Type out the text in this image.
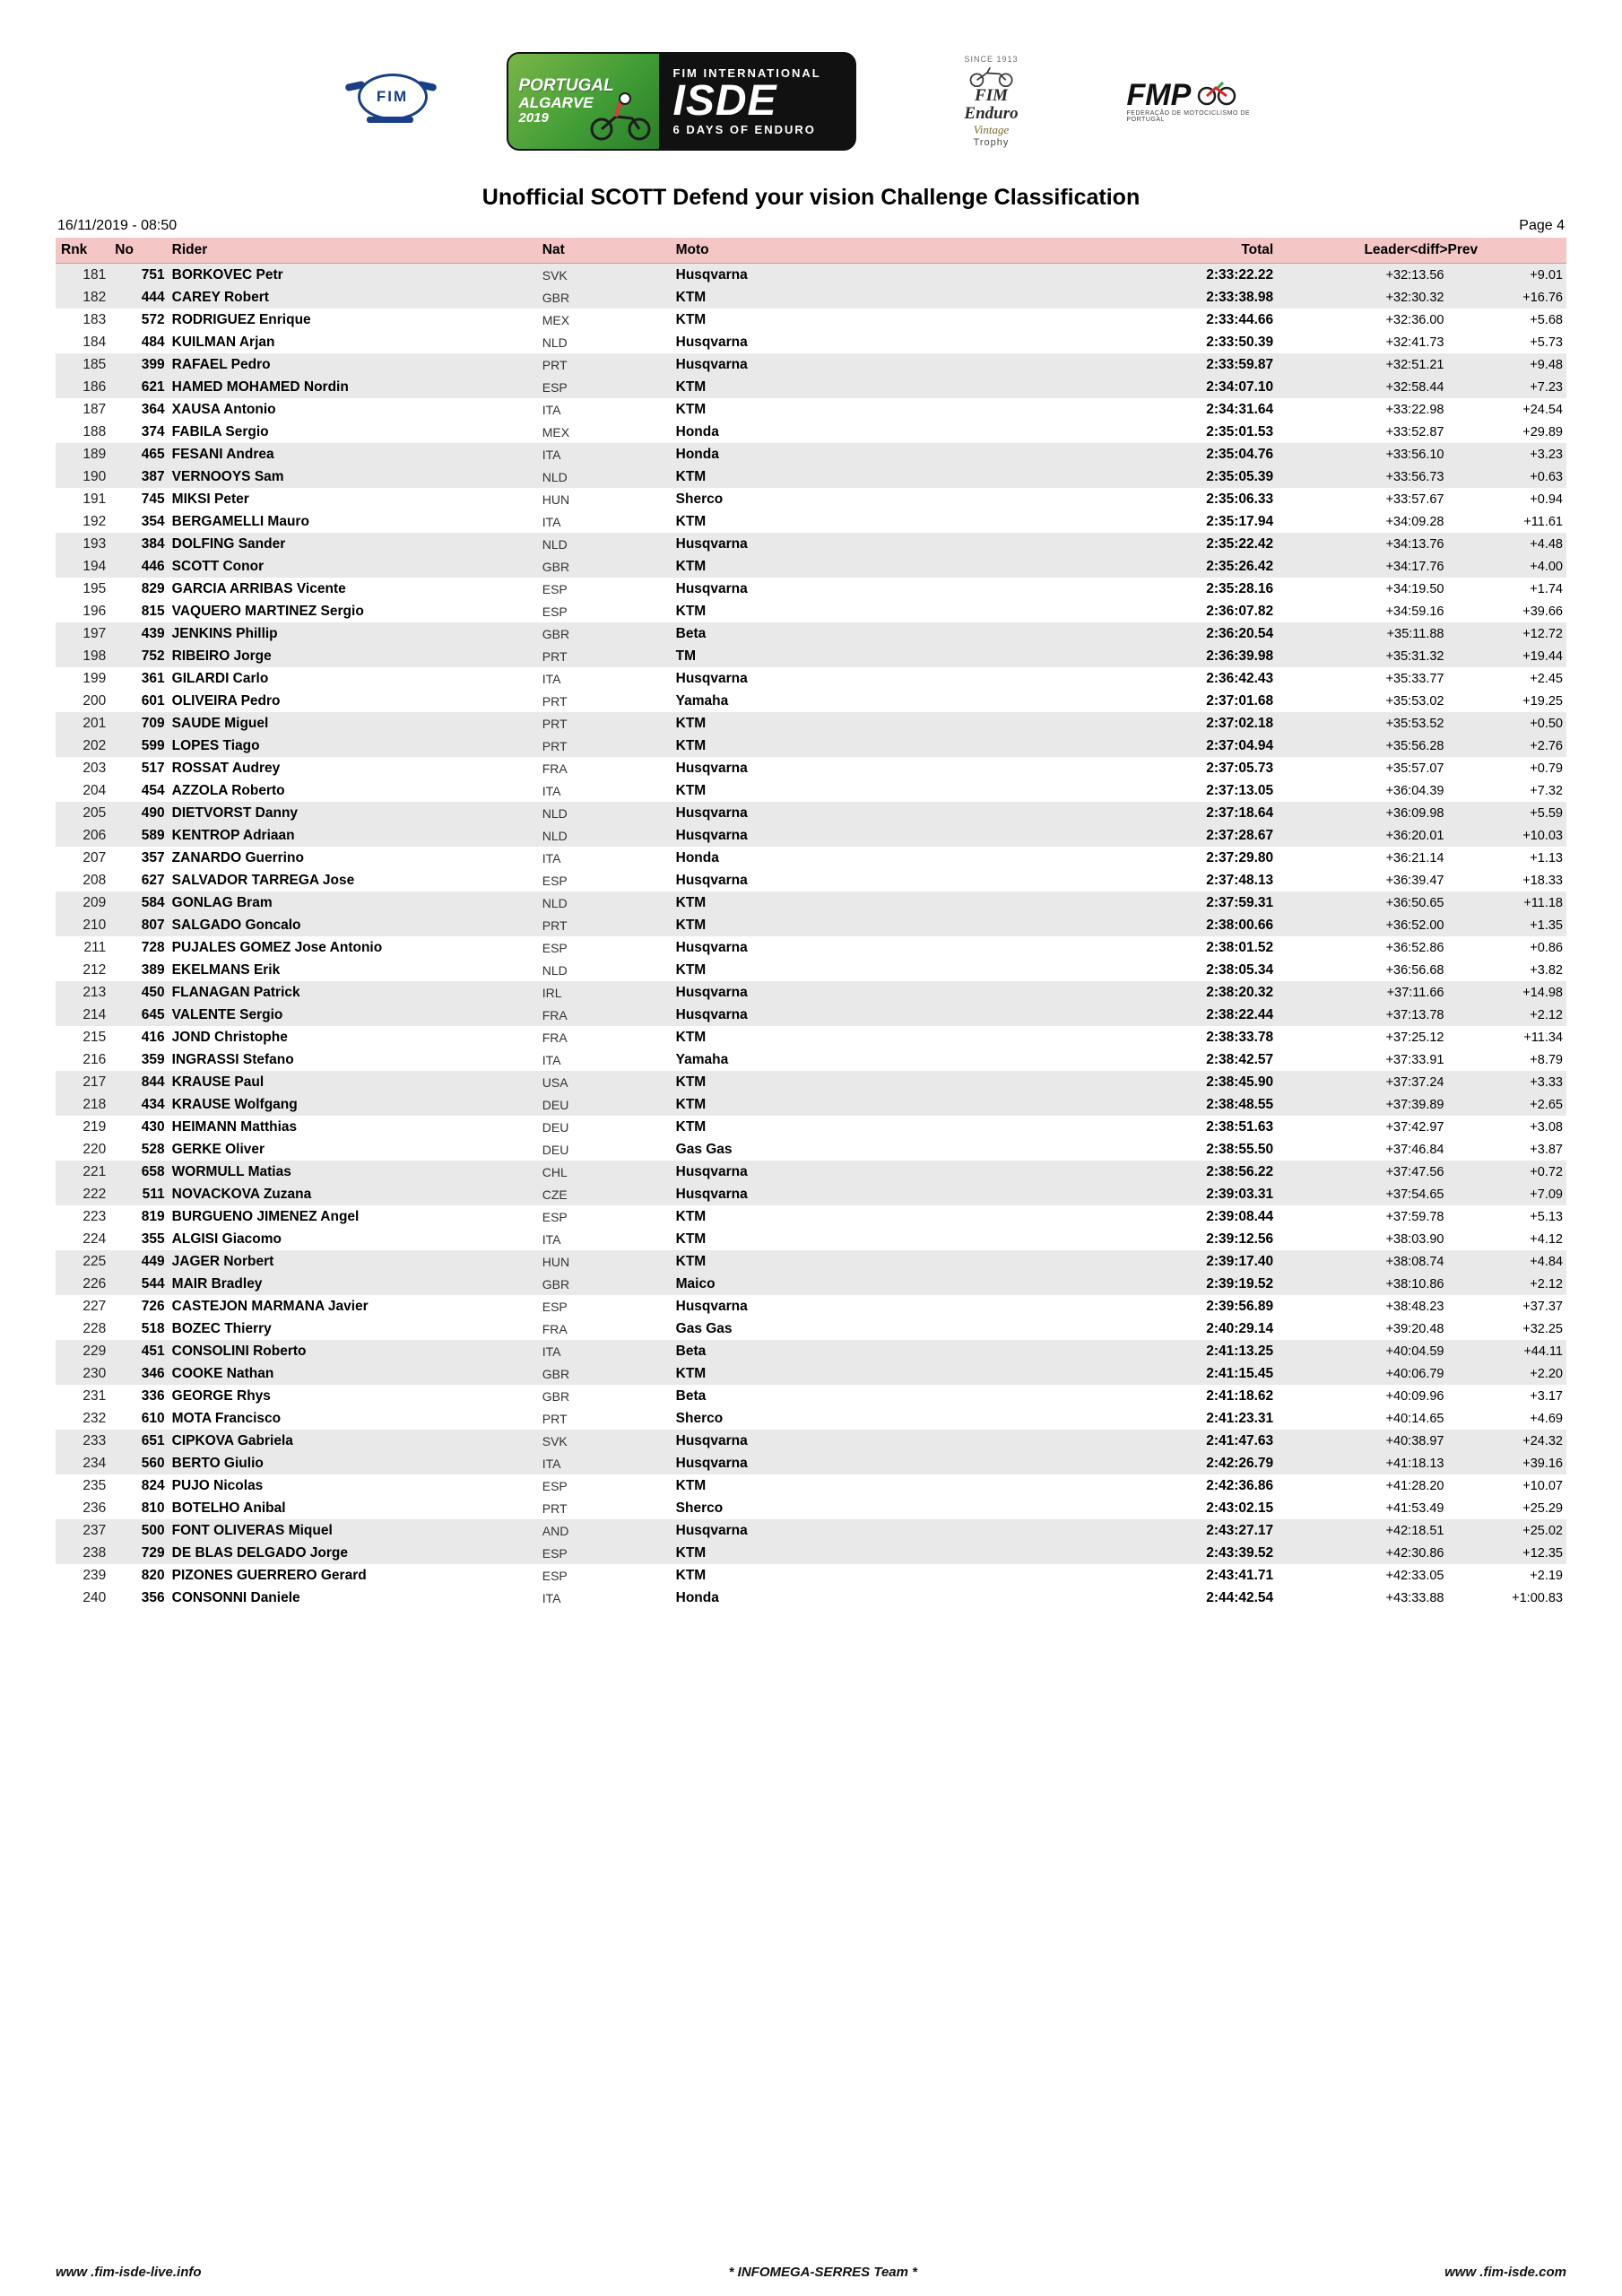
FIM
PORTUGAL
ALGARVE
2019
FIM INTERNATIONAL
ISDE
6 DAYS OF ENDURO
SINCE 1913
FIM
Enduro
Vintage
Trophy
FMP
FEDERAÇÃO DE MOTOCICLISMO DE PORTUGAL
Unofficial SCOTT Defend your vision Challenge Classification
16/11/2019 - 08:50	Page 4
Rnk	No	Rider	Nat	Moto	Total	Leader<diff>	Prev
181	751	BORKOVEC Petr	SVK	Husqvarna	2:33:22.22	+32:13.56	+9.01
182	444	CAREY Robert	GBR	KTM	2:33:38.98	+32:30.32	+16.76
183	572	RODRIGUEZ Enrique	MEX	KTM	2:33:44.66	+32:36.00	+5.68
184	484	KUILMAN Arjan	NLD	Husqvarna	2:33:50.39	+32:41.73	+5.73
185	399	RAFAEL Pedro	PRT	Husqvarna	2:33:59.87	+32:51.21	+9.48
186	621	HAMED MOHAMED Nordin	ESP	KTM	2:34:07.10	+32:58.44	+7.23
187	364	XAUSA Antonio	ITA	KTM	2:34:31.64	+33:22.98	+24.54
188	374	FABILA Sergio	MEX	Honda	2:35:01.53	+33:52.87	+29.89
189	465	FESANI Andrea	ITA	Honda	2:35:04.76	+33:56.10	+3.23
190	387	VERNOOYS Sam	NLD	KTM	2:35:05.39	+33:56.73	+0.63
191	745	MIKSI Peter	HUN	Sherco	2:35:06.33	+33:57.67	+0.94
192	354	BERGAMELLI Mauro	ITA	KTM	2:35:17.94	+34:09.28	+11.61
193	384	DOLFING Sander	NLD	Husqvarna	2:35:22.42	+34:13.76	+4.48
194	446	SCOTT Conor	GBR	KTM	2:35:26.42	+34:17.76	+4.00
195	829	GARCIA ARRIBAS Vicente	ESP	Husqvarna	2:35:28.16	+34:19.50	+1.74
196	815	VAQUERO MARTINEZ Sergio	ESP	KTM	2:36:07.82	+34:59.16	+39.66
197	439	JENKINS Phillip	GBR	Beta	2:36:20.54	+35:11.88	+12.72
198	752	RIBEIRO Jorge	PRT	TM	2:36:39.98	+35:31.32	+19.44
199	361	GILARDI Carlo	ITA	Husqvarna	2:36:42.43	+35:33.77	+2.45
200	601	OLIVEIRA Pedro	PRT	Yamaha	2:37:01.68	+35:53.02	+19.25
201	709	SAUDE Miguel	PRT	KTM	2:37:02.18	+35:53.52	+0.50
202	599	LOPES Tiago	PRT	KTM	2:37:04.94	+35:56.28	+2.76
203	517	ROSSAT Audrey	FRA	Husqvarna	2:37:05.73	+35:57.07	+0.79
204	454	AZZOLA Roberto	ITA	KTM	2:37:13.05	+36:04.39	+7.32
205	490	DIETVORST Danny	NLD	Husqvarna	2:37:18.64	+36:09.98	+5.59
206	589	KENTROP Adriaan	NLD	Husqvarna	2:37:28.67	+36:20.01	+10.03
207	357	ZANARDO Guerrino	ITA	Honda	2:37:29.80	+36:21.14	+1.13
208	627	SALVADOR TARREGA Jose	ESP	Husqvarna	2:37:48.13	+36:39.47	+18.33
209	584	GONLAG Bram	NLD	KTM	2:37:59.31	+36:50.65	+11.18
210	807	SALGADO Goncalo	PRT	KTM	2:38:00.66	+36:52.00	+1.35
211	728	PUJALES GOMEZ Jose Antonio	ESP	Husqvarna	2:38:01.52	+36:52.86	+0.86
212	389	EKELMANS Erik	NLD	KTM	2:38:05.34	+36:56.68	+3.82
213	450	FLANAGAN Patrick	IRL	Husqvarna	2:38:20.32	+37:11.66	+14.98
214	645	VALENTE Sergio	FRA	Husqvarna	2:38:22.44	+37:13.78	+2.12
215	416	JOND Christophe	FRA	KTM	2:38:33.78	+37:25.12	+11.34
216	359	INGRASSI Stefano	ITA	Yamaha	2:38:42.57	+37:33.91	+8.79
217	844	KRAUSE Paul	USA	KTM	2:38:45.90	+37:37.24	+3.33
218	434	KRAUSE Wolfgang	DEU	KTM	2:38:48.55	+37:39.89	+2.65
219	430	HEIMANN Matthias	DEU	KTM	2:38:51.63	+37:42.97	+3.08
220	528	GERKE Oliver	DEU	Gas Gas	2:38:55.50	+37:46.84	+3.87
221	658	WORMULL Matias	CHL	Husqvarna	2:38:56.22	+37:47.56	+0.72
222	511	NOVACKOVA Zuzana	CZE	Husqvarna	2:39:03.31	+37:54.65	+7.09
223	819	BURGUENO JIMENEZ Angel	ESP	KTM	2:39:08.44	+37:59.78	+5.13
224	355	ALGISI Giacomo	ITA	KTM	2:39:12.56	+38:03.90	+4.12
225	449	JAGER Norbert	HUN	KTM	2:39:17.40	+38:08.74	+4.84
226	544	MAIR Bradley	GBR	Maico	2:39:19.52	+38:10.86	+2.12
227	726	CASTEJON MARMANA Javier	ESP	Husqvarna	2:39:56.89	+38:48.23	+37.37
228	518	BOZEC Thierry	FRA	Gas Gas	2:40:29.14	+39:20.48	+32.25
229	451	CONSOLINI Roberto	ITA	Beta	2:41:13.25	+40:04.59	+44.11
230	346	COOKE Nathan	GBR	KTM	2:41:15.45	+40:06.79	+2.20
231	336	GEORGE Rhys	GBR	Beta	2:41:18.62	+40:09.96	+3.17
232	610	MOTA Francisco	PRT	Sherco	2:41:23.31	+40:14.65	+4.69
233	651	CIPKOVA Gabriela	SVK	Husqvarna	2:41:47.63	+40:38.97	+24.32
234	560	BERTO Giulio	ITA	Husqvarna	2:42:26.79	+41:18.13	+39.16
235	824	PUJO Nicolas	ESP	KTM	2:42:36.86	+41:28.20	+10.07
236	810	BOTELHO Anibal	PRT	Sherco	2:43:02.15	+41:53.49	+25.29
237	500	FONT OLIVERAS Miquel	AND	Husqvarna	2:43:27.17	+42:18.51	+25.02
238	729	DE BLAS DELGADO Jorge	ESP	KTM	2:43:39.52	+42:30.86	+12.35
239	820	PIZONES GUERRERO Gerard	ESP	KTM	2:43:41.71	+42:33.05	+2.19
240	356	CONSONNI Daniele	ITA	Honda	2:44:42.54	+43:33.88	+1:00.83
www .fim-isde-live.info	* INFOMEGA-SERRES Team *	www .fim-isde.com
